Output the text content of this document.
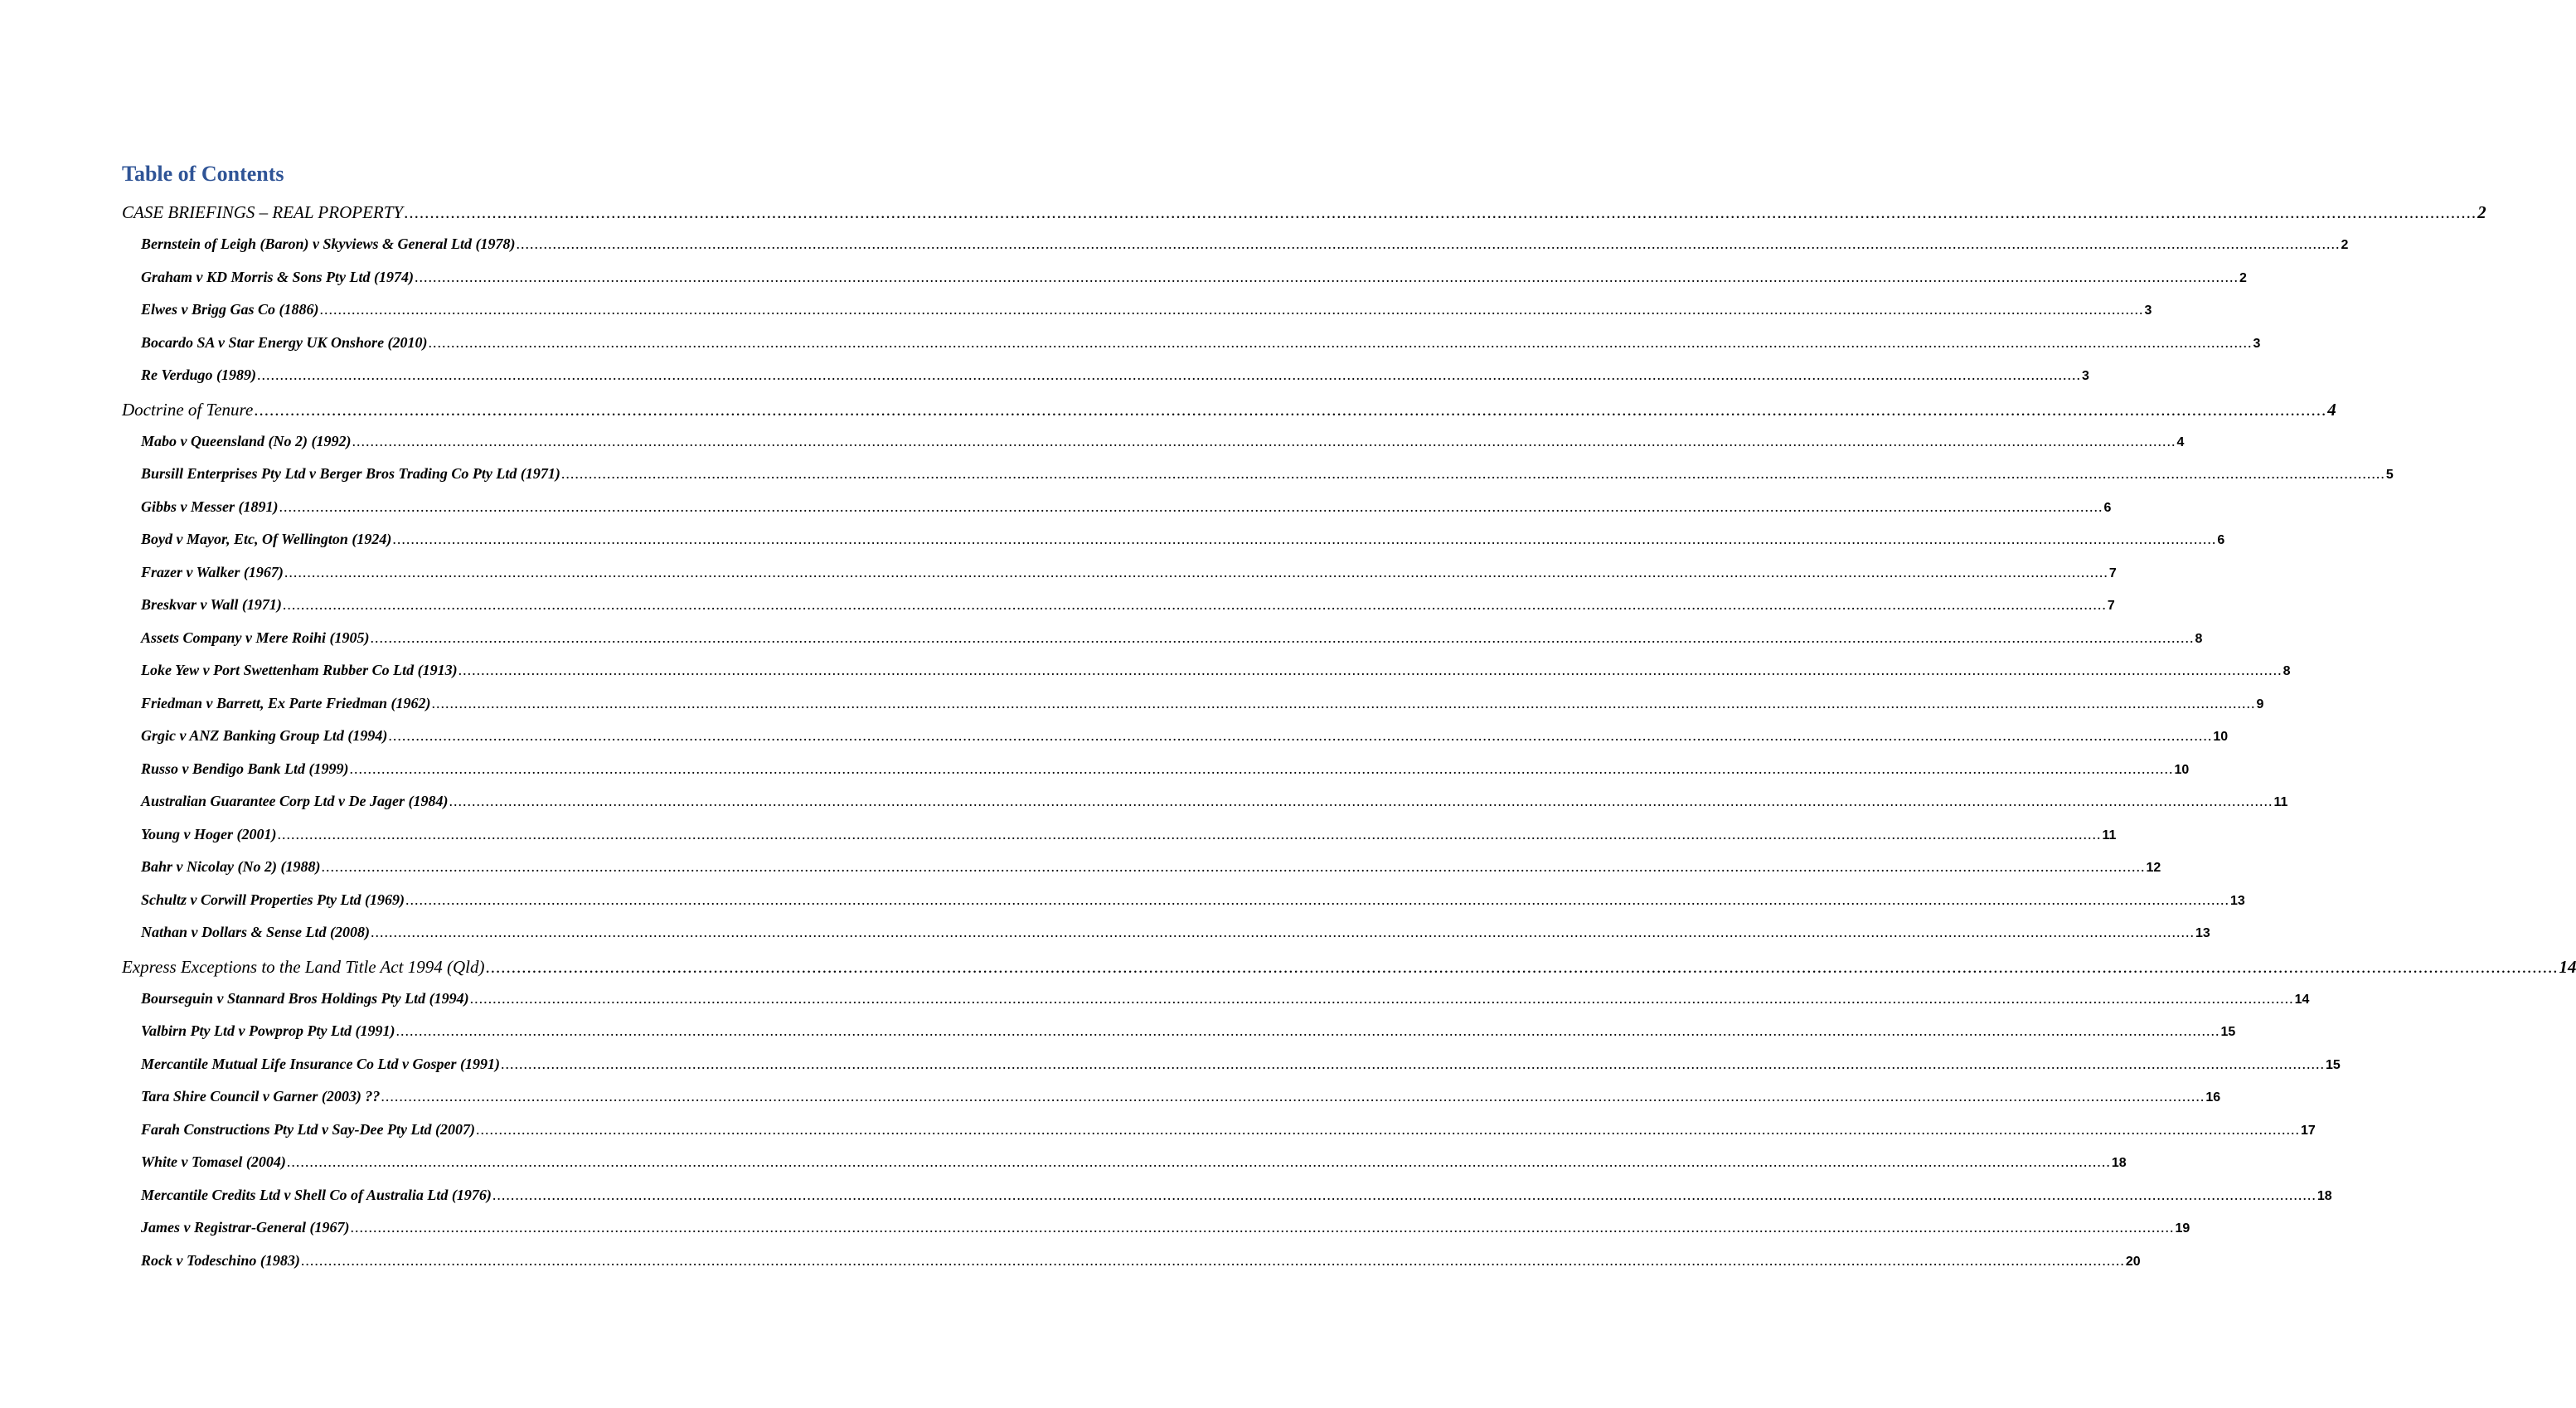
Table of Contents
CASE BRIEFINGS – REAL PROPERTY ................................................................................................................................................................................................................................................................................................................................................................................................................ 2
Bernstein of Leigh (Baron) v Skyviews & General Ltd (1978) ................................................................................................................................................................................................................................................................................................................................................................................................................ 2
Graham v KD Morris & Sons Pty Ltd (1974) ................................................................................................................................................................................................................................................................................................................................................................................................................ 2
Elwes v Brigg Gas Co (1886) ................................................................................................................................................................................................................................................................................................................................................................................................................ 3
Bocardo SA v Star Energy UK Onshore (2010) ................................................................................................................................................................................................................................................................................................................................................................................................................ 3
Re Verdugo (1989) ................................................................................................................................................................................................................................................................................................................................................................................................................ 3
Doctrine of Tenure ................................................................................................................................................................................................................................................................................................................................................................................................................ 4
Mabo v Queensland (No 2) (1992) ................................................................................................................................................................................................................................................................................................................................................................................................................ 4
Bursill Enterprises Pty Ltd v Berger Bros Trading Co Pty Ltd (1971) ................................................................................................................................................................................................................................................................................................................................................................................................................ 5
Gibbs v Messer (1891) ................................................................................................................................................................................................................................................................................................................................................................................................................ 6
Boyd v Mayor, Etc, Of Wellington (1924) ................................................................................................................................................................................................................................................................................................................................................................................................................ 6
Frazer v Walker (1967) ................................................................................................................................................................................................................................................................................................................................................................................................................ 7
Breskvar v Wall (1971) ................................................................................................................................................................................................................................................................................................................................................................................................................ 7
Assets Company v Mere Roihi (1905) ................................................................................................................................................................................................................................................................................................................................................................................................................ 8
Loke Yew v Port Swettenham Rubber Co Ltd (1913) ................................................................................................................................................................................................................................................................................................................................................................................................................ 8
Friedman v Barrett, Ex Parte Friedman (1962) ................................................................................................................................................................................................................................................................................................................................................................................................................ 9
Grgic v ANZ Banking Group Ltd (1994) ................................................................................................................................................................................................................................................................................................................................................................................................................ 10
Russo v Bendigo Bank Ltd (1999) ................................................................................................................................................................................................................................................................................................................................................................................................................ 10
Australian Guarantee Corp Ltd v De Jager (1984) ................................................................................................................................................................................................................................................................................................................................................................................................................ 11
Young v Hoger (2001) ................................................................................................................................................................................................................................................................................................................................................................................................................ 11
Bahr v Nicolay (No 2) (1988) ................................................................................................................................................................................................................................................................................................................................................................................................................ 12
Schultz v Corwill Properties Pty Ltd (1969) ................................................................................................................................................................................................................................................................................................................................................................................................................ 13
Nathan v Dollars & Sense Ltd (2008) ................................................................................................................................................................................................................................................................................................................................................................................................................ 13
Express Exceptions to the Land Title Act 1994 (Qld) ................................................................................................................................................................................................................................................................................................................................................................................................................ 14
Bourseguin v Stannard Bros Holdings Pty Ltd (1994) ................................................................................................................................................................................................................................................................................................................................................................................................................ 14
Valbirn Pty Ltd v Powprop Pty Ltd (1991) ................................................................................................................................................................................................................................................................................................................................................................................................................ 15
Mercantile Mutual Life Insurance Co Ltd v Gosper (1991) ................................................................................................................................................................................................................................................................................................................................................................................................................ 15
Tara Shire Council v Garner (2003) ?? ................................................................................................................................................................................................................................................................................................................................................................................................................ 16
Farah Constructions Pty Ltd v Say-Dee Pty Ltd (2007) ................................................................................................................................................................................................................................................................................................................................................................................................................ 17
White v Tomasel (2004) ................................................................................................................................................................................................................................................................................................................................................................................................................ 18
Mercantile Credits Ltd v Shell Co of Australia Ltd (1976) ................................................................................................................................................................................................................................................................................................................................................................................................................ 18
James v Registrar-General (1967) ................................................................................................................................................................................................................................................................................................................................................................................................................ 19
Rock v Todeschino (1983) ................................................................................................................................................................................................................................................................................................................................................................................................................ 20
